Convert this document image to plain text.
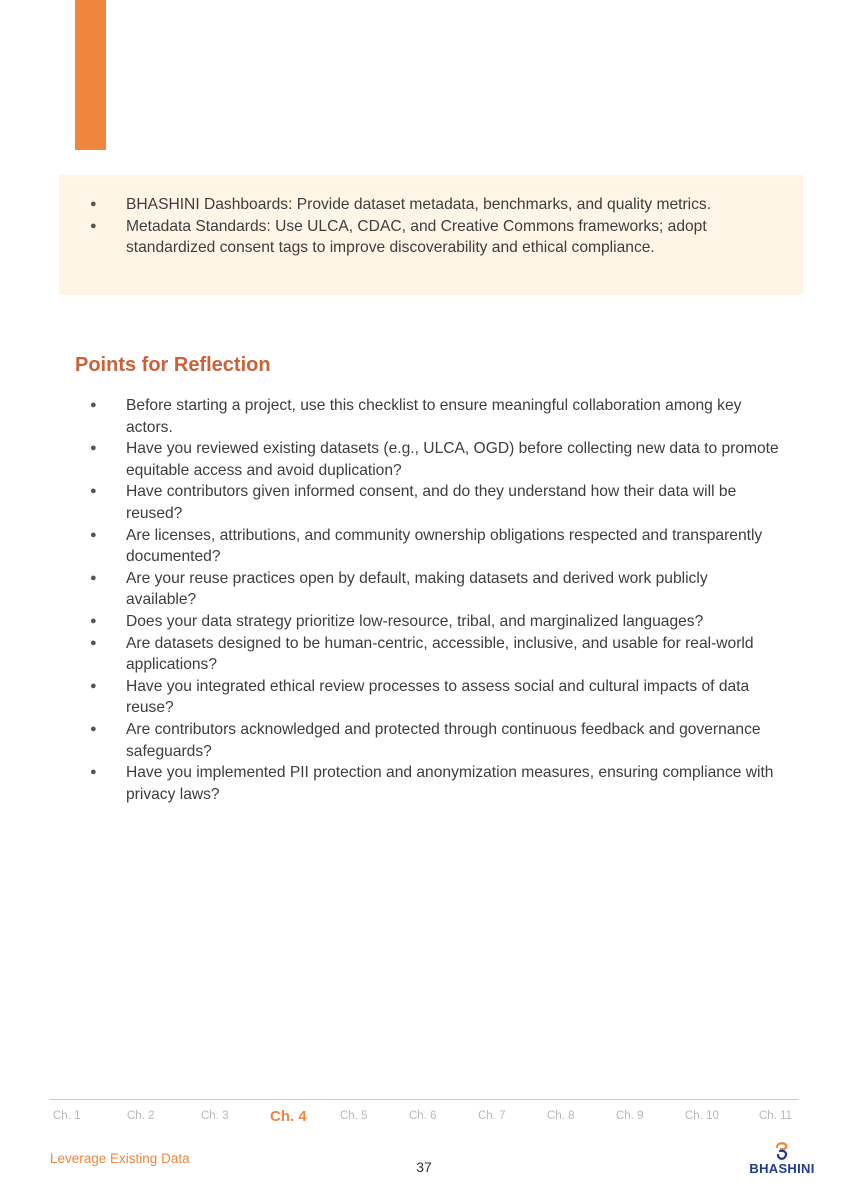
● BHASHINI Dashboards: Provide dataset metadata, benchmarks, and quality metrics.
● Metadata Standards: Use ULCA, CDAC, and Creative Commons frameworks; adopt standardized consent tags to improve discoverability and ethical compliance.
Points for Reflection
● Before starting a project, use this checklist to ensure meaningful collaboration among key actors.
● Have you reviewed existing datasets (e.g., ULCA, OGD) before collecting new data to promote equitable access and avoid duplication?
● Have contributors given informed consent, and do they understand how their data will be reused?
● Are licenses, attributions, and community ownership obligations respected and transparently documented?
● Are your reuse practices open by default, making datasets and derived work publicly available?
● Does your data strategy prioritize low-resource, tribal, and marginalized languages?
● Are datasets designed to be human-centric, accessible, inclusive, and usable for real-world applications?
● Have you integrated ethical review processes to assess social and cultural impacts of data reuse?
● Are contributors acknowledged and protected through continuous feedback and governance safeguards?
● Have you implemented PII protection and anonymization measures, ensuring compliance with privacy laws?
Ch. 1	Ch. 2	Ch. 3	Ch. 4	Ch. 5	Ch. 6	Ch. 7	Ch. 8	Ch. 9	Ch. 10	Ch. 11
Leverage Existing Data
37	BHASHINI
